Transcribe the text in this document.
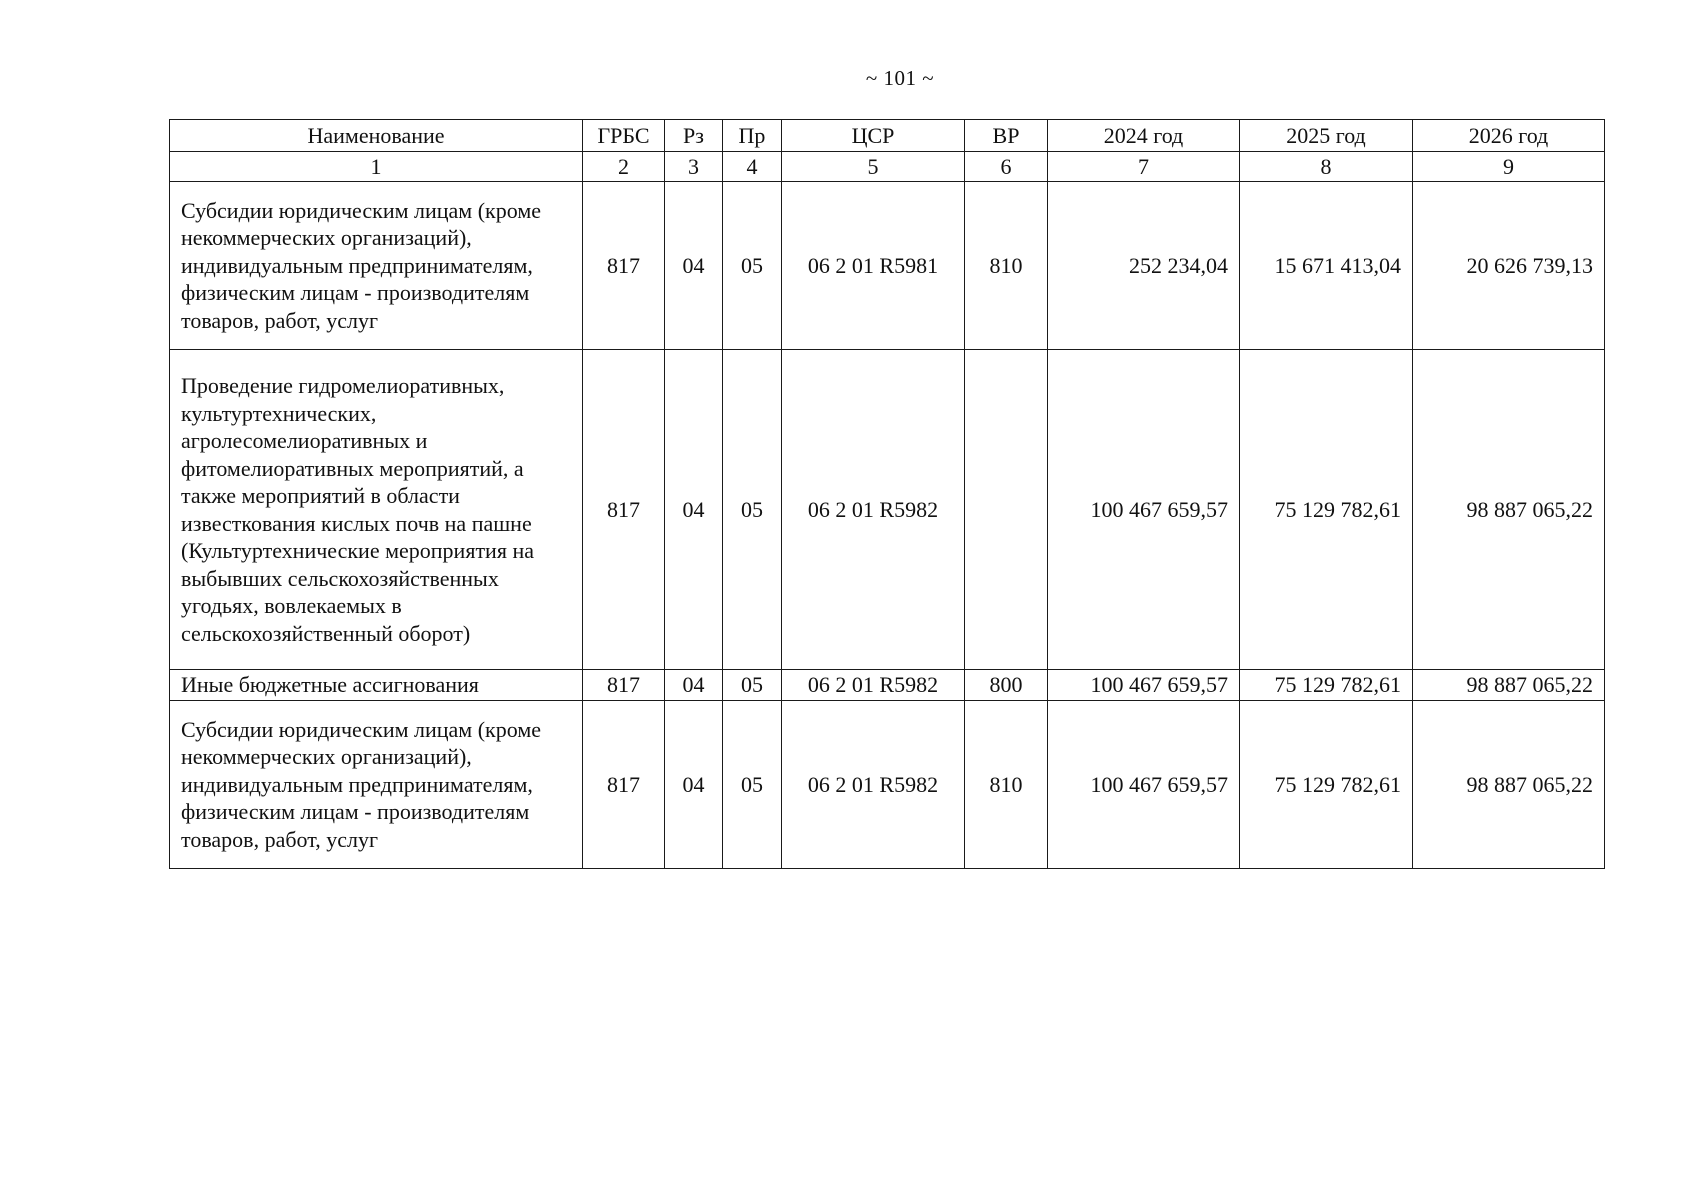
~ 101 ~
Наименование	ГРБС	Рз	Пр	ЦСР	ВР	2024 год	2025 год	2026 год
1	2	3	4	5	6	7	8	9
Субсидии юридическим лицам (кроме некоммерческих организаций), индивидуальным предпринимателям, физическим лицам - производителям товаров, работ, услуг	817	04	05	06 2 01 R5981	810	252 234,04	15 671 413,04	20 626 739,13
Проведение гидромелиоративных, культуртехнических, агролесомелиоративных и фитомелиоративных мероприятий, а также мероприятий в области известкования кислых почв на пашне (Культуртехнические мероприятия на выбывших сельскохозяйственных угодьях, вовлекаемых в сельскохозяйственный оборот)	817	04	05	06 2 01 R5982		100 467 659,57	75 129 782,61	98 887 065,22
Иные бюджетные ассигнования	817	04	05	06 2 01 R5982	800	100 467 659,57	75 129 782,61	98 887 065,22
Субсидии юридическим лицам (кроме некоммерческих организаций), индивидуальным предпринимателям, физическим лицам - производителям товаров, работ, услуг	817	04	05	06 2 01 R5982	810	100 467 659,57	75 129 782,61	98 887 065,22
